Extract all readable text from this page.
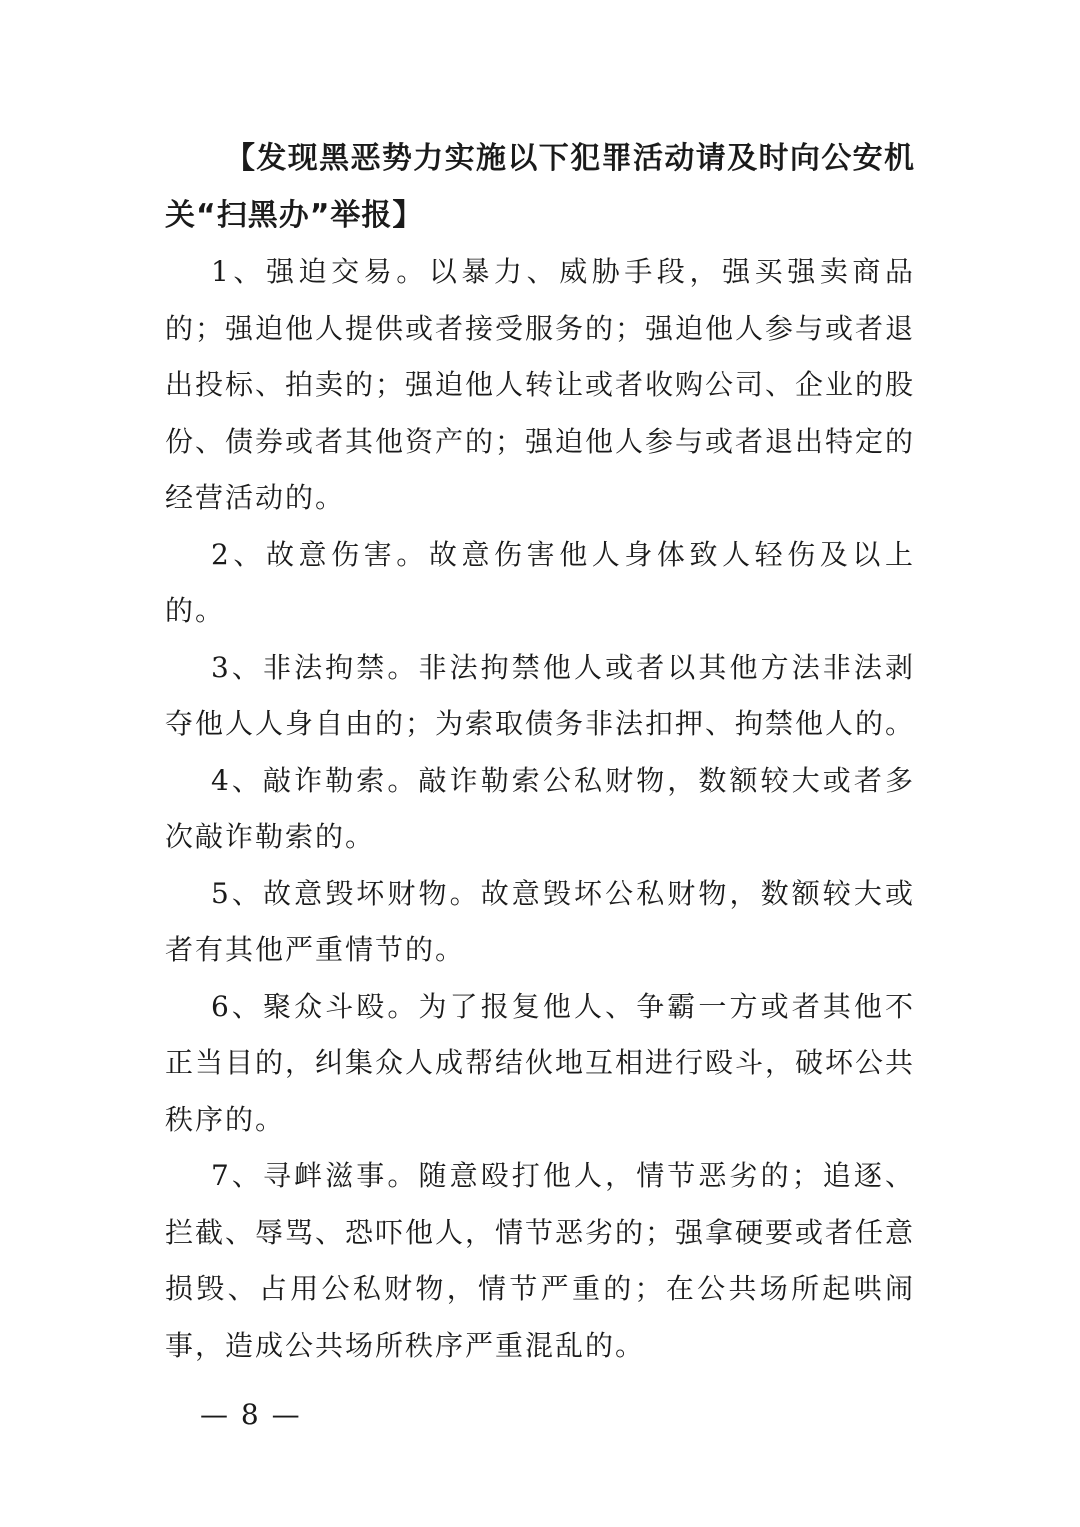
【发现黑恶势力实施以下犯罪活动请及时向公安机关“扫黑办”举报】

1、强迫交易。以暴力、威胁手段，强买强卖商品的；强迫他人提供或者接受服务的；强迫他人参与或者退出投标、拍卖的；强迫他人转让或者收购公司、企业的股份、债券或者其他资产的；强迫他人参与或者退出特定的经营活动的。

2、故意伤害。故意伤害他人身体致人轻伤及以上的。

3、非法拘禁。非法拘禁他人或者以其他方法非法剥夺他人人身自由的；为索取债务非法扣押、拘禁他人的。

4、敲诈勒索。敲诈勒索公私财物，数额较大或者多次敲诈勒索的。

5、故意毁坏财物。故意毁坏公私财物，数额较大或者有其他严重情节的。

6、聚众斗殴。为了报复他人、争霸一方或者其他不正当目的，纠集众人成帮结伙地互相进行殴斗，破坏公共秩序的。

7、寻衅滋事。随意殴打他人，情节恶劣的；追逐、拦截、辱骂、恐吓他人，情节恶劣的；强拿硬要或者任意损毁、占用公私财物，情节严重的；在公共场所起哄闹事，造成公共场所秩序严重混乱的。

— 8 —
